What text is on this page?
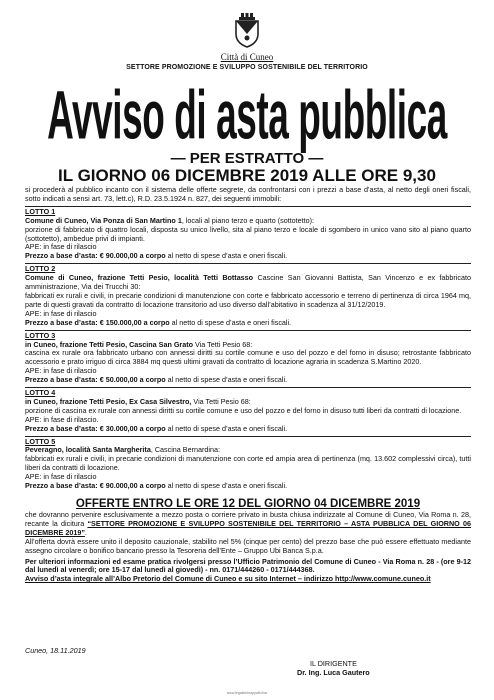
Città di Cuneo
SETTORE PROMOZIONE E SVILUPPO SOSTENIBILE DEL TERRITORIO
Avviso di asta pubblica
— PER ESTRATTO —
IL GIORNO 06 DICEMBRE 2019 ALLE ORE 9,30

si procederà al pubblico incanto con il sistema delle offerte segrete, da confrontarsi con i prezzi a base d’asta, al netto degli oneri fiscali, sotto indicati a sensi art. 73, lett.c), R.D. 23.5.1924 n. 827, dei seguenti immobili:

LOTTO 1

Comune di Cuneo, Via Ponza di San Martino 1, locali al piano terzo e quarto (sottotetto):

porzione di fabbricato di quattro locali, disposta su unico livello, sita al piano terzo e locale di sgombero in unico vano sito al piano quarto (sottotetto), ambedue privi di impianti.

APE: in fase di rilascio

Prezzo a base d’asta: € 90.000,00 a corpo al netto di spese d’asta e oneri fiscali.

LOTTO 2

Comune di Cuneo, frazione Tetti Pesio, località Tetti Bottasso Cascine San Giovanni Battista, San Vincenzo e ex fabbricato amministrazione, Via dei Trucchi 30:

fabbricati ex rurali e civili, in precarie condizioni di manutenzione con corte e fabbricato accessorio e terreno di pertinenza di circa 1964 mq, parte di questi gravati da contratto di locazione transitorio ad uso diverso dall’abitativo in scadenza al 31/12/2019.

APE: in fase di rilascio

Prezzo a base d’asta: € 150.000,00 a corpo al netto di spese d’asta e oneri fiscali.

LOTTO 3

in Cuneo, frazione Tetti Pesio, Cascina San Grato Via Tetti Pesio 68:

cascina ex rurale ora fabbricato urbano con annessi diritti su cortile comune e uso del pozzo e del forno in disuso; retrostante fabbricato accessorio e prato irriguo di circa 3884 mq questi ultimi gravati da contratto di locazione agraria in scadenza S.Martino 2020.

APE: in fase di rilascio

Prezzo a base d’asta: € 50.000,00 a corpo al netto di spese d’asta e oneri fiscali.

LOTTO 4

in Cuneo, frazione Tetti Pesio, Ex Casa Silvestro, Via Tetti Pesio 68:

porzione di cascina ex rurale con annessi diritti su cortile comune e uso del pozzo e del forno in disuso tutti liberi da contratti di locazione.

APE: in fase di rilascio.

Prezzo a base d’asta: € 30.000,00 a corpo al netto di spese d’asta e oneri fiscali.

LOTTO 5

Peveragno, località Santa Margherita, Cascina Bernardina:

fabbricati ex rurali e civili, in precarie condizioni di manutenzione con corte ed ampia area di pertinenza (mq. 13.602 complessivi circa), tutti liberi da contratti di locazione.

APE: in fase di rilascio

Prezzo a base d’asta: € 90.000,00 a corpo al netto di spese d’asta e oneri fiscali.

OFFERTE ENTRO LE ORE 12 DEL GIORNO 04 DICEMBRE 2019

che dovranno pervenire esclusivamente a mezzo posta o corriere privato in busta chiusa indirizzate al Comune di Cuneo, Via Roma n. 28, recante la dicitura “SETTORE PROMOZIONE E SVILUPPO SOSTENIBILE DEL TERRITORIO – ASTA PUBBLICA DEL GIORNO 06 DICEMBRE 2019”.

All’offerta dovrà essere unito il deposito cauzionale, stabilito nel 5% (cinque per cento) del prezzo base che può essere effettuato mediante assegno circolare o bonifico bancario presso la Tesoreria dell’Ente – Gruppo Ubi Banca S.p.a.

Per ulteriori informazioni ed esame pratica rivolgersi presso l’Ufficio Patrimonio del Comune di Cuneo - Via Roma n. 28 - (ore 9-12 dal lunedì al venerdì; ore 15-17 dal lunedì al giovedì) - nn. 0171/444260 - 0171/444368.

Avviso d’asta integrale all’Albo Pretorio del Comune di Cuneo e su sito Internet – indirizzo http://www.comune.cuneo.it

Cuneo, 18.11.2019
IL DIRIGENTE
Dr. Ing. Luca Gautero
www.legaleinfoappalti.it/ar
